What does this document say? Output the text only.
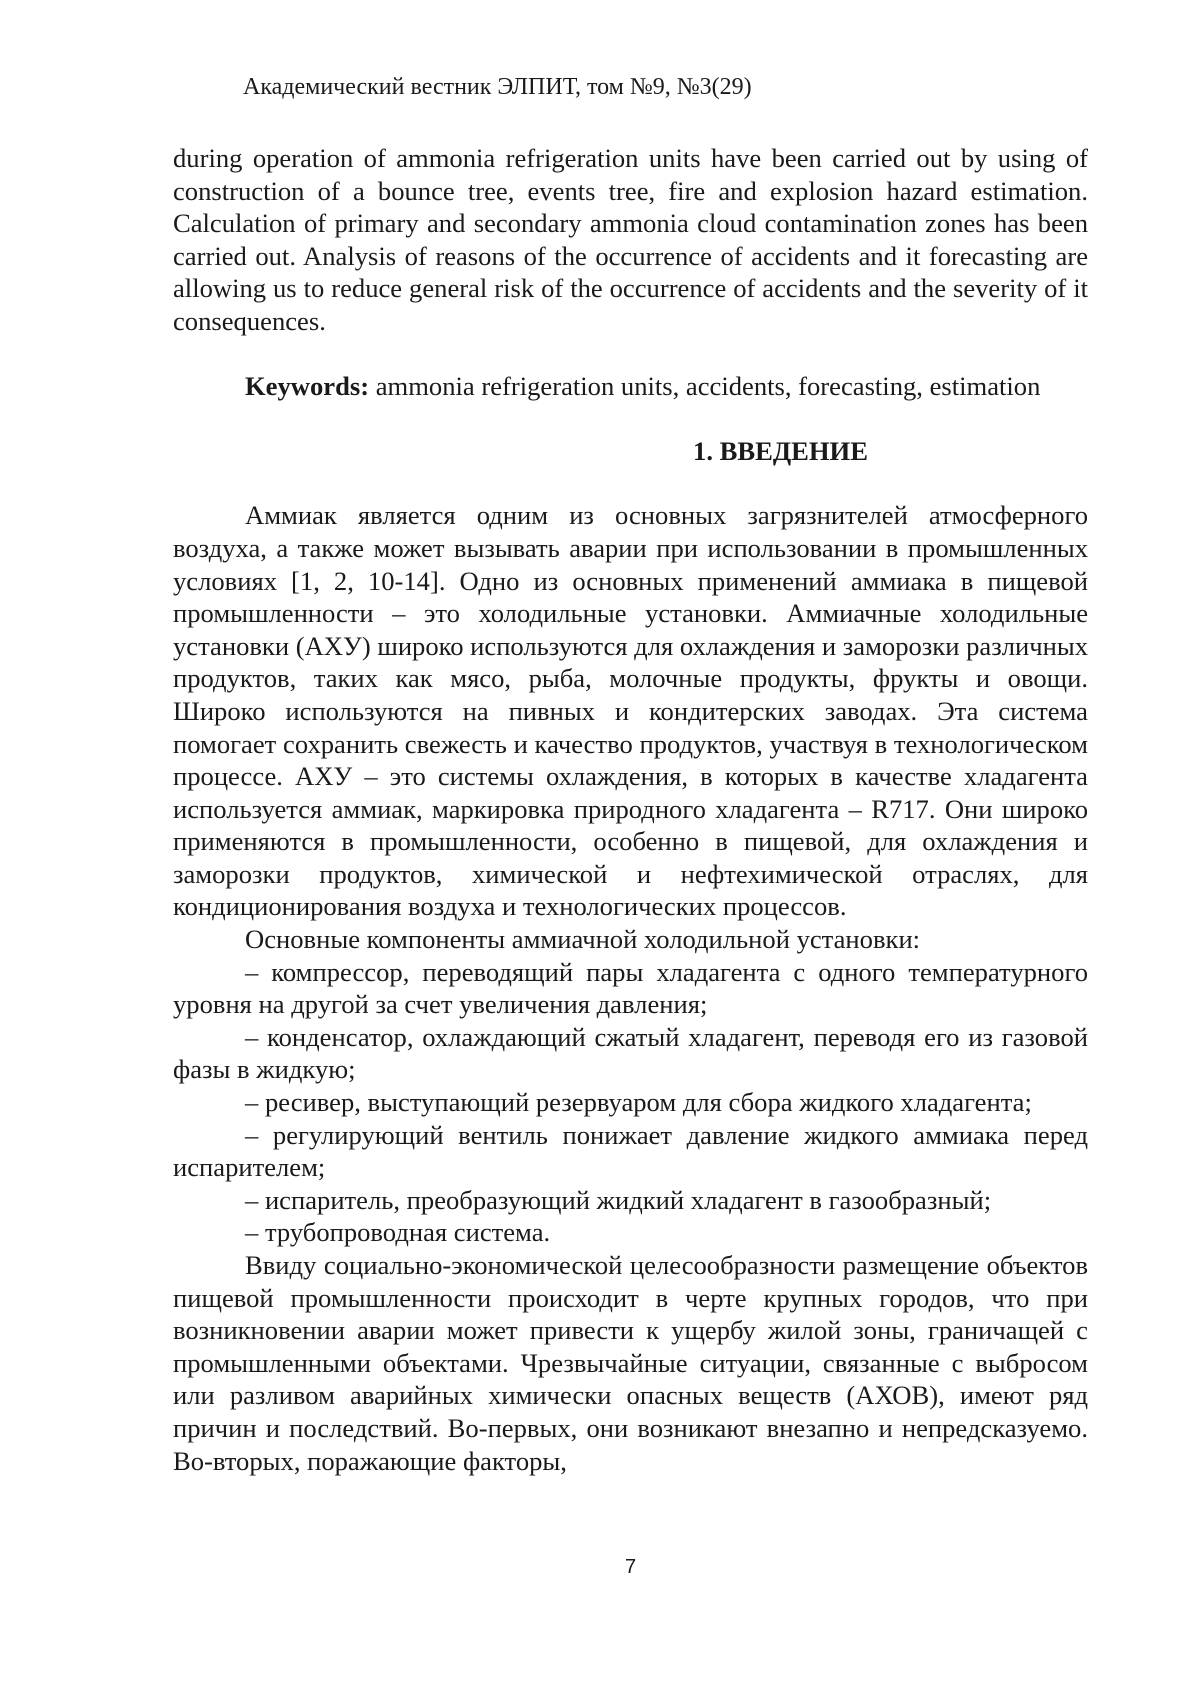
Академический вестник ЭЛПИТ, том №9, №3(29)

during operation of ammonia refrigeration units have been carried out by using of construction of a bounce tree, events tree, fire and explosion hazard estimation. Calculation of primary and secondary ammonia cloud contamination zones has been carried out. Analysis of reasons of the occurrence of accidents and it forecasting are allowing us to reduce general risk of the occurrence of accidents and the severity of it consequences.

Keywords: ammonia refrigeration units, accidents, forecasting, estimation

1. ВВЕДЕНИЕ

Аммиак является одним из основных загрязнителей атмосферного воздуха, а также может вызывать аварии при использовании в промышленных условиях [1, 2, 10-14]. Одно из основных применений аммиака в пищевой промышленности – это холодильные установки. Аммиачные холодильные установки (АХУ) широко используются для охлаждения и заморозки различных продуктов, таких как мясо, рыба, молочные продукты, фрукты и овощи. Широко используются на пивных и кондитерских заводах. Эта система помогает сохранить свежесть и качество продуктов, участвуя в технологическом процессе. АХУ – это системы охлаждения, в которых в качестве хладагента используется аммиак, маркировка природного хладагента – R717. Они широко применяются в промышленности, особенно в пищевой, для охлаждения и заморозки продуктов, химической и нефтехимической отраслях, для кондиционирования воздуха и технологических процессов.

Основные компоненты аммиачной холодильной установки:

– компрессор, переводящий пары хладагента с одного температурного уровня на другой за счет увеличения давления;

– конденсатор, охлаждающий сжатый хладагент, переводя его из газовой фазы в жидкую;

– ресивер, выступающий резервуаром для сбора жидкого хладагента;

– регулирующий вентиль понижает давление жидкого аммиака перед испарителем;

– испаритель, преобразующий жидкий хладагент в газообразный;

– трубопроводная система.

Ввиду социально-экономической целесообразности размещение объектов пищевой промышленности происходит в черте крупных городов, что при возникновении аварии может привести к ущербу жилой зоны, граничащей с промышленными объектами. Чрезвычайные ситуации, связанные с выбросом или разливом аварийных химически опасных веществ (АХОВ), имеют ряд причин и последствий. Во-первых, они возникают внезапно и непредсказуемо. Во-вторых, поражающие факторы,

7
